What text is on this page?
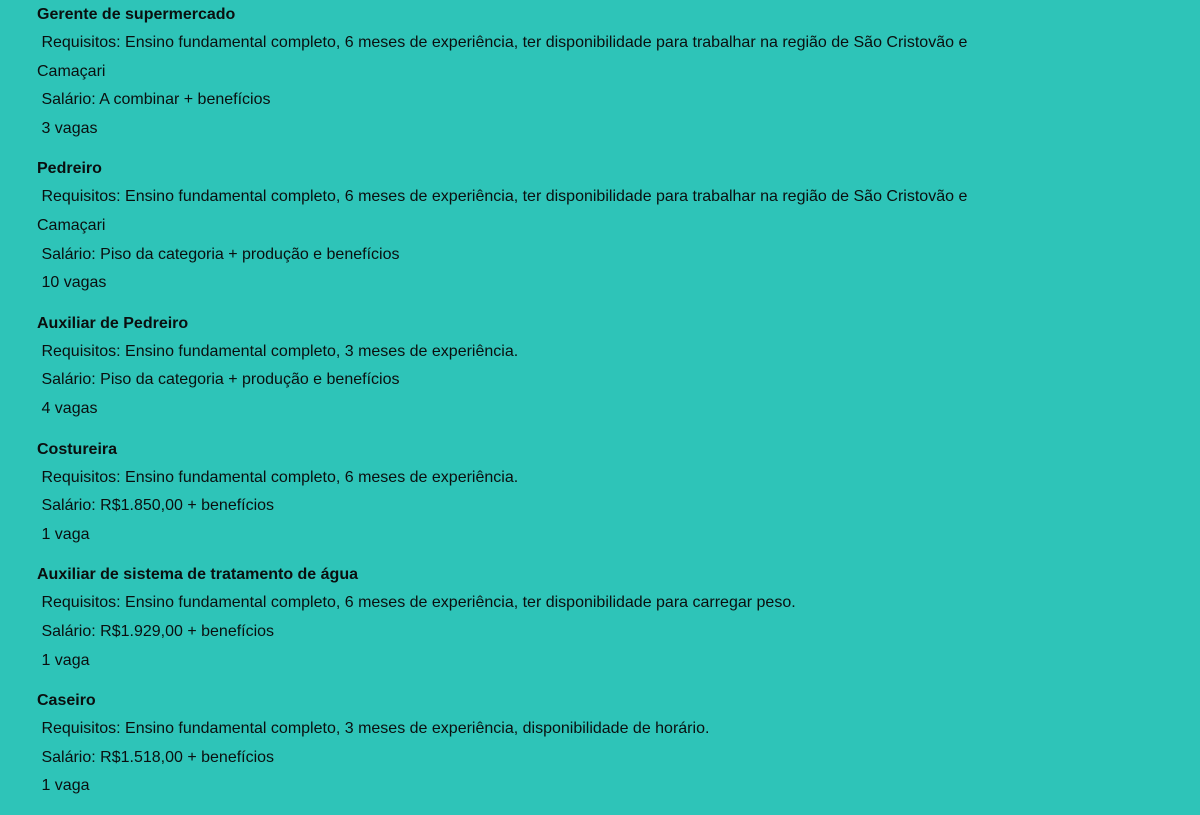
Gerente de supermercado

Requisitos: Ensino fundamental completo, 6 meses de experiência, ter disponibilidade para trabalhar na região de São Cristovão e

Camaçari

Salário: A combinar + benefícios

3 vagas

Pedreiro

Requisitos: Ensino fundamental completo, 6 meses de experiência, ter disponibilidade para trabalhar na região de São Cristovão e

Camaçari

Salário: Piso da categoria + produção e benefícios

10 vagas

Auxiliar de Pedreiro

Requisitos: Ensino fundamental completo, 3 meses de experiência.

Salário: Piso da categoria + produção e benefícios

4 vagas

Costureira

Requisitos: Ensino fundamental completo, 6 meses de experiência.

Salário: R$1.850,00 + benefícios

1 vaga

Auxiliar de sistema de tratamento de água

Requisitos: Ensino fundamental completo, 6 meses de experiência, ter disponibilidade para carregar peso.

Salário: R$1.929,00 + benefícios

1 vaga

Caseiro

Requisitos: Ensino fundamental completo, 3 meses de experiência, disponibilidade de horário.

Salário: R$1.518,00 + benefícios

1 vaga
